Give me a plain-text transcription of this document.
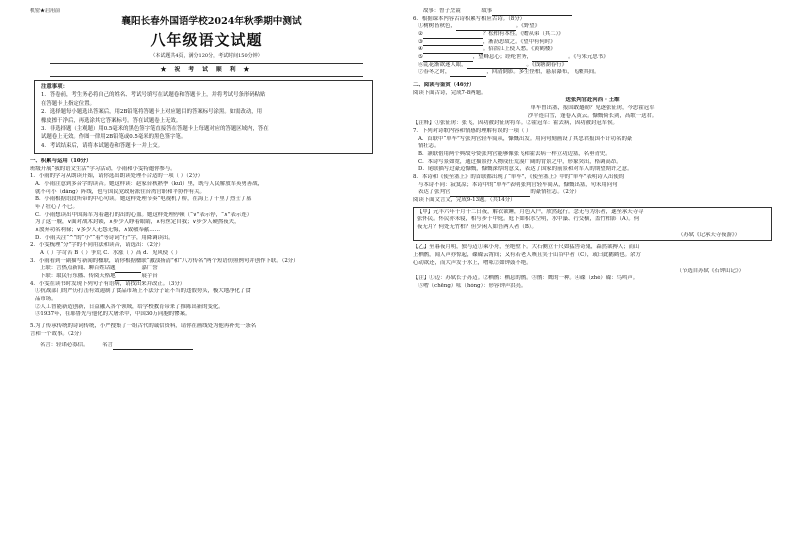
机密★启用前
襄阳长春外国语学校2024年秋季期中测试
八年级语文试题
（本试题共4页，满分120分，考试时间150分钟）
★ 祝 考 试 顺 利 ★
注意事项：
1．答卷前，考生务必将自己的姓名、考试号填写在试题卷和答题卡上，并将考试号条形码粘贴
在答题卡上指定位置。
2．选择题每小题选出答案后，用2B铅笔将答题卡上对应题目的答案标号涂黑。如需改动，用
橡皮擦干净后，再选涂其它答案标号。答在试题卷上无效。
3．非选择题（主观题）用0.5毫米的黑色签字笔直接答在答题卡上每题对应的答题区域内，答在
试题卷上无效。作图一律用2B铅笔或0.5毫米的黑色签字笔。
4．考试结束后，请将本试题卷和答题卡一并上交。
一、积累与运用（10分）
班级开展“我的语文生活”学习活动，小雨和小雯特邀你参与。
1．小雨的学习从朗读开始，请你选出朗读处理不合适的一项（ ）（2分）
A．小雨注意到多音字的读音。她这样读：赵家台秋熟季（kuī）里，既与人民解放军英勇善战，
就不可小（dǎng）阵线，也与国民党政府派往台湾官职和平协作有关。
B．小雨根据语段所带的中心句读。她这样处理节奏“电视机 / 桥，在海上 / 千里 / 烈士 / 墓
年 / 壮心 / 不已。
C．小雨想读出中国海军为着越打的出的心血。她这样处理停顿（“∨”表示停，“∧”表示连）
为了这一舰，∨面对战术封锁，∧步少人睁着眼睛，∧有丝定自我；∨步少人硬熬夜夫，
∧放弃功名利禄；∨多少人无怨无悔，∧致敬奉献……
D．小雨关注“^”的“小”“着”等诗词“行”字，用降调读出。
2．小雯梳理“分”字的不同用法和读音，请选出：（2分）
A（ ）字苛苦 B（ ）争荒 C．水涨（ ）高 d．见风使（ ）
3．小雨看到一副描写新闻的楹联，请你根据楹联“激浊扬清”和“八方传名”两个短语仿照例句并创作下联。（2分）
上联：言热点新闻、聊百姓话题	嘉广誉
下联：取民行东播、传阅天格地	展芋台
4．小雯在读书时发现下列句子有语病，请找出来并改正。（3分）
①抗战部门的严历打击有效遏制了食品市场上不法分子证不当的违假势头，极大地净化了食
品市场。
②人工智能新造创新，日益融入各个领域，给学校教育带来了推陈出新的变化。
③1937年，在耶鲁先与他化的大屠杀中，中国30万同胞的惨案。
5.为了传承传统的诗词传统，小严搜集了一组古代的诚信资料，请你在画线处为他再补充一条名
言和一个故事。（2分）
名言：轻诺必寡信。	名言
故事：曾子烹彘	故事
6．根据课本内容古诗积累写相应古诗。（8分）
①树树皆秋色，	。《野望》
②	？松柏有本性。《赠从弟（其二）》
③	，淅沥思故之。《望中有何时》
④	。招浴江上使人愁。《黄鹤楼》
⑤	，望峰息心；经纶世务，	。《与朱元思书》
⑥乱花渐欲迷人眼，	。《钱塘湖春行》
⑦春冬之时，	，回清倒影。多生怪柏，悬泉瀑布，飞漱其间。
二、阅读与鉴赏（46分）
阅读下面古诗，完成7-8两题。
送张判官赴河西 · 王维
单车曾出塞，报国敢邀勋？见逐张征虏，今思霍冠军
沙平连白雪，蓬卷入黄云。慷慨倚长剑，高歌一送君。
【注释】①张征虏：张飞，因功被封征虏将军。②霍冠军：霍去病，因功被封冠军侯。
7．下列对诗歌内容和情感的理解有误的一项（ ）
A．首联中“单车”写张判官轻车简从，慷慨出发。用问句刻画设了其忠君报国不计功名的豪
情壮志。
B．颔联借用两个典故夸赞张判官能够像张飞和霍去病一样立功边塞，名垂青史。
C．本诗写景如宽，通过描景抒人物戍任荒漠广阔的背景之中，形象突出，格调高昂。
D．尾联描写过豪迈慷慨，慷慨深厚的意义，表达了国家的前景和对军人的期望期许之意。
8．本诗和《使至塞上》的首联都出现了“单车”，《使至塞上》中的“单车”表明诗人出使的
与本诗不同：寂寞凉；本诗中的“单车”表明张判官轻车简从，慷慨出塞，句末用问句
表达了张判官	的豪情壮志。（2分）
阅读下面文言文，完成9-13题。（共14分）
【甲】元丰六年十月十二日夜，解衣欲睡，月色入户，欣然起行。念无与为乐者，遂至承天寺寻
张怀民。怀民亦未寝，相与步于中庭。庭下如积水空明，水中藻、荇交横，盖竹柏影（A）。何
夜无月？何处无竹柏？但少闲人如吾两人者（B）。
（苏轼《记承天寺夜游》）
【乙】至暮夜月明，独与迈①乘小舟，至绝壁下。大石侧立千尺如猛兽奇鬼，森然欲搏人；而山
上栖鹘，闻人声亦惊起，磔磔云霄间；又有若老人咳且笑于山谷中者（C），或曰此鹳鹤也。余方
心动欲还，而大声发于水上，噌吰②如钟鼓不绝。
（节选自苏轼《石钟山记》）
【注】①迈：苏轼长子苏迈。②栖鹘：栖息的鹘。③鹘：鹰的一种。④磔（zhé）磔：鸟鸣声。
⑤噌（chēng）吰（hóng）：形容钟声洪亮。
